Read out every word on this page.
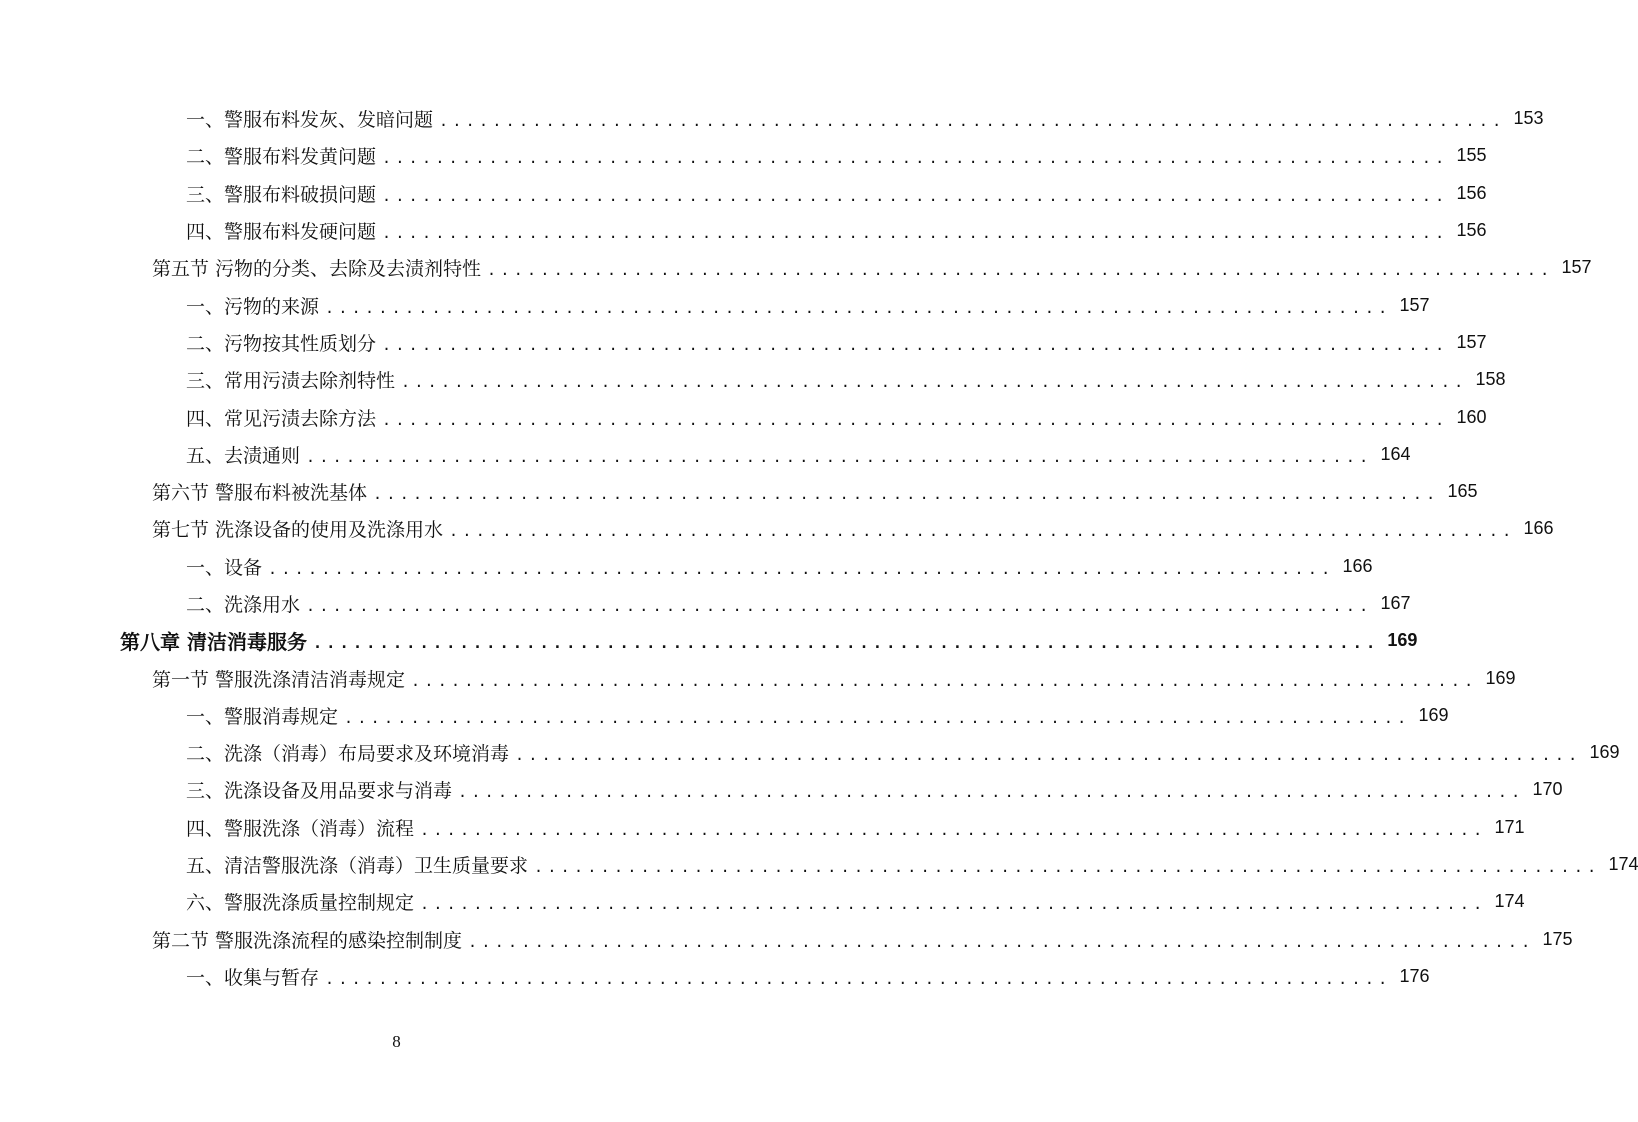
一、警服布料发灰、发暗问题 ................................................................................ 153
二、警服布料发黄问题 ................................................................................ 155
三、警服布料破损问题 ................................................................................ 156
四、警服布料发硬问题 ................................................................................ 156
第五节 污物的分类、去除及去渍剂特性 ................................................................................ 157
一、污物的来源 ................................................................................ 157
二、污物按其性质划分 ................................................................................ 157
三、常用污渍去除剂特性 ................................................................................ 158
四、常见污渍去除方法 ................................................................................ 160
五、去渍通则 ................................................................................ 164
第六节 警服布料被洗基体 ................................................................................ 165
第七节 洗涤设备的使用及洗涤用水 ................................................................................ 166
一、设备 ................................................................................ 166
二、洗涤用水 ................................................................................ 167
第八章 清洁消毒服务 ................................................................................ 169
第一节 警服洗涤清洁消毒规定 ................................................................................ 169
一、警服消毒规定 ................................................................................ 169
二、洗涤（消毒）布局要求及环境消毒 ................................................................................ 169
三、洗涤设备及用品要求与消毒 ................................................................................ 170
四、警服洗涤（消毒）流程 ................................................................................ 171
五、清洁警服洗涤（消毒）卫生质量要求 ................................................................................ 174
六、警服洗涤质量控制规定 ................................................................................ 174
第二节 警服洗涤流程的感染控制制度 ................................................................................ 175
一、收集与暂存 ................................................................................ 176
8
